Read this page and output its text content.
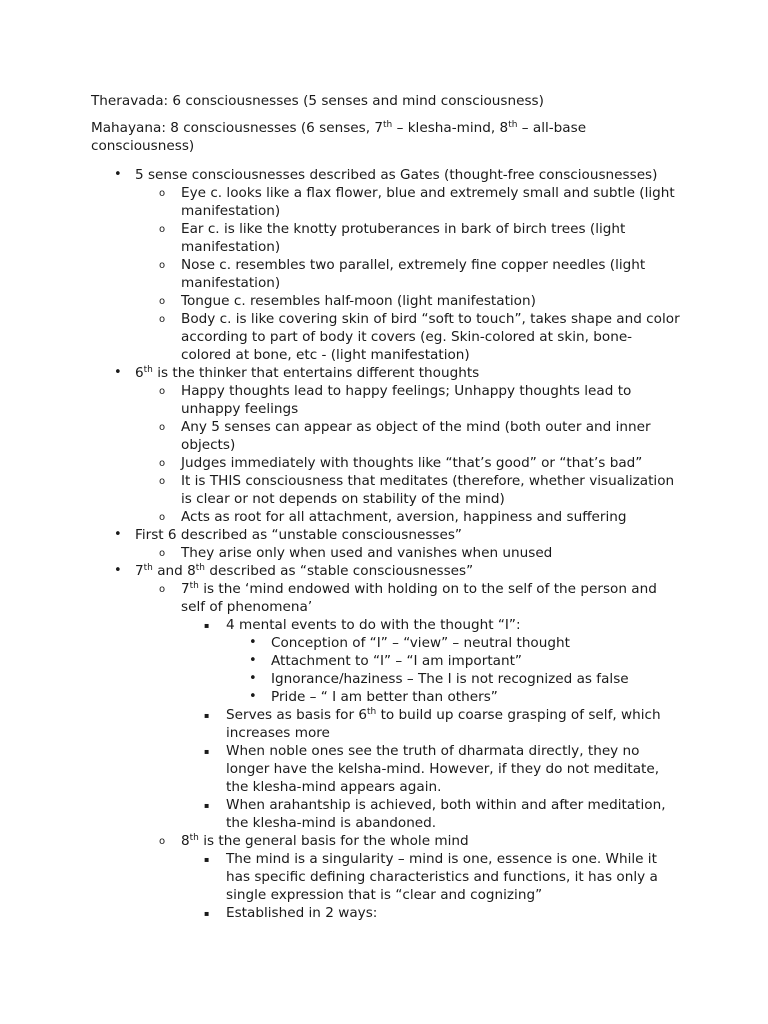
Theravada: 6 consciousnesses (5 senses and mind consciousness)

Mahayana: 8 consciousnesses (6 senses, 7th – klesha-mind, 8th – all-base consciousness)

• 5 sense consciousnesses described as Gates (thought-free consciousnesses)
o Eye c. looks like a flax flower, blue and extremely small and subtle (light manifestation)
o Ear c. is like the knotty protuberances in bark of birch trees (light manifestation)
o Nose c. resembles two parallel, extremely fine copper needles (light manifestation)
o Tongue c. resembles half-moon (light manifestation)
o Body c. is like covering skin of bird “soft to touch”, takes shape and color according to part of body it covers (eg. Skin-colored at skin, bone-colored at bone, etc - (light manifestation)
• 6th is the thinker that entertains different thoughts
o Happy thoughts lead to happy feelings; Unhappy thoughts lead to unhappy feelings
o Any 5 senses can appear as object of the mind (both outer and inner objects)
o Judges immediately with thoughts like “that’s good” or “that’s bad”
o It is THIS consciousness that meditates (therefore, whether visualization is clear or not depends on stability of the mind)
o Acts as root for all attachment, aversion, happiness and suffering
• First 6 described as “unstable consciousnesses”
o They arise only when used and vanishes when unused
• 7th and 8th described as “stable consciousnesses”
o 7th is the ‘mind endowed with holding on to the self of the person and self of phenomena’
▪ 4 mental events to do with the thought “I”:
• Conception of “I” – “view” – neutral thought
• Attachment to “I” – “I am important”
• Ignorance/haziness – The I is not recognized as false
• Pride – “ I am better than others”
▪ Serves as basis for 6th to build up coarse grasping of self, which increases more
▪ When noble ones see the truth of dharmata directly, they no longer have the kelsha-mind. However, if they do not meditate, the klesha-mind appears again.
▪ When arahantship is achieved, both within and after meditation, the klesha-mind is abandoned.
o 8th is the general basis for the whole mind
▪ The mind is a singularity – mind is one, essence is one. While it has specific defining characteristics and functions, it has only a single expression that is “clear and cognizing”
▪ Established in 2 ways:
